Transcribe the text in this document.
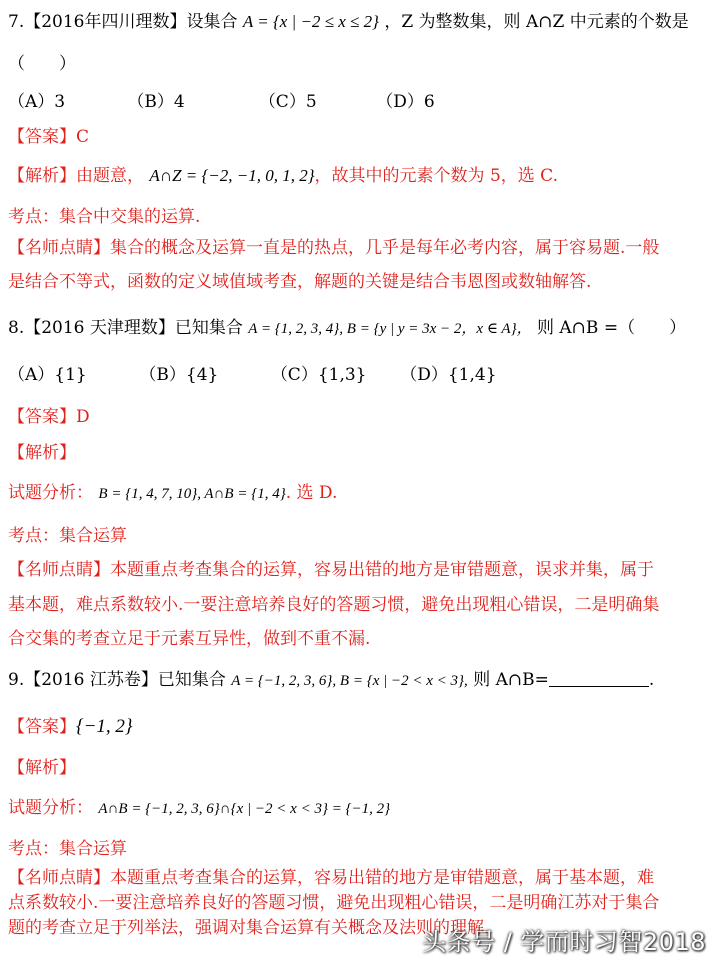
7.【2016年四川理数】设集合 A = {x | −2 ≤ x ≤ 2} ，Z 为整数集，则 A∩Z 中元素的个数是
（　　）
（A）3	（B）4	（C）5	（D）6
【答案】C
【解析】由题意， A∩Z = {−2, −1, 0, 1, 2}，故其中的元素个数为 5，选 C.
考点：集合中交集的运算.
【名师点睛】集合的概念及运算一直是的热点，几乎是每年必考内容，属于容易题.一般
是结合不等式，函数的定义域值域考查，解题的关键是结合韦恩图或数轴解答.
8.【2016 天津理数】已知集合 A = {1, 2, 3, 4}, B = {y | y = 3x − 2，x ∈ A}， 则 A∩B =（　　）
（A）{1}	（B）{4}	（C）{1,3} （D）{1,4}
【答案】D
【解析】
试题分析： B = {1, 4, 7, 10}, A∩B = {1, 4}. 选 D.
考点：集合运算
【名师点睛】本题重点考查集合的运算，容易出错的地方是审错题意，误求并集，属于
基本题，难点系数较小.一要注意培养良好的答题习惯，避免出现粗心错误，二是明确集
合交集的考查立足于元素互异性，做到不重不漏.
9.【2016 江苏卷】已知集合 A = {−1, 2, 3, 6}, B = {x | −2 < x < 3}, 则 A∩B=	.
【答案】{−1, 2}
【解析】
试题分析： A∩B = {−1, 2, 3, 6}∩{x | −2 < x < 3} = {−1, 2}
考点：集合运算
【名师点睛】本题重点考查集合的运算，容易出错的地方是审错题意，属于基本题，难
点系数较小.一要注意培养良好的答题习惯，避免出现粗心错误，二是明确江苏对于集合
题的考查立足于列举法，强调对集合运算有关概念及法则的理解.
头条号 / 学而时习智2018
